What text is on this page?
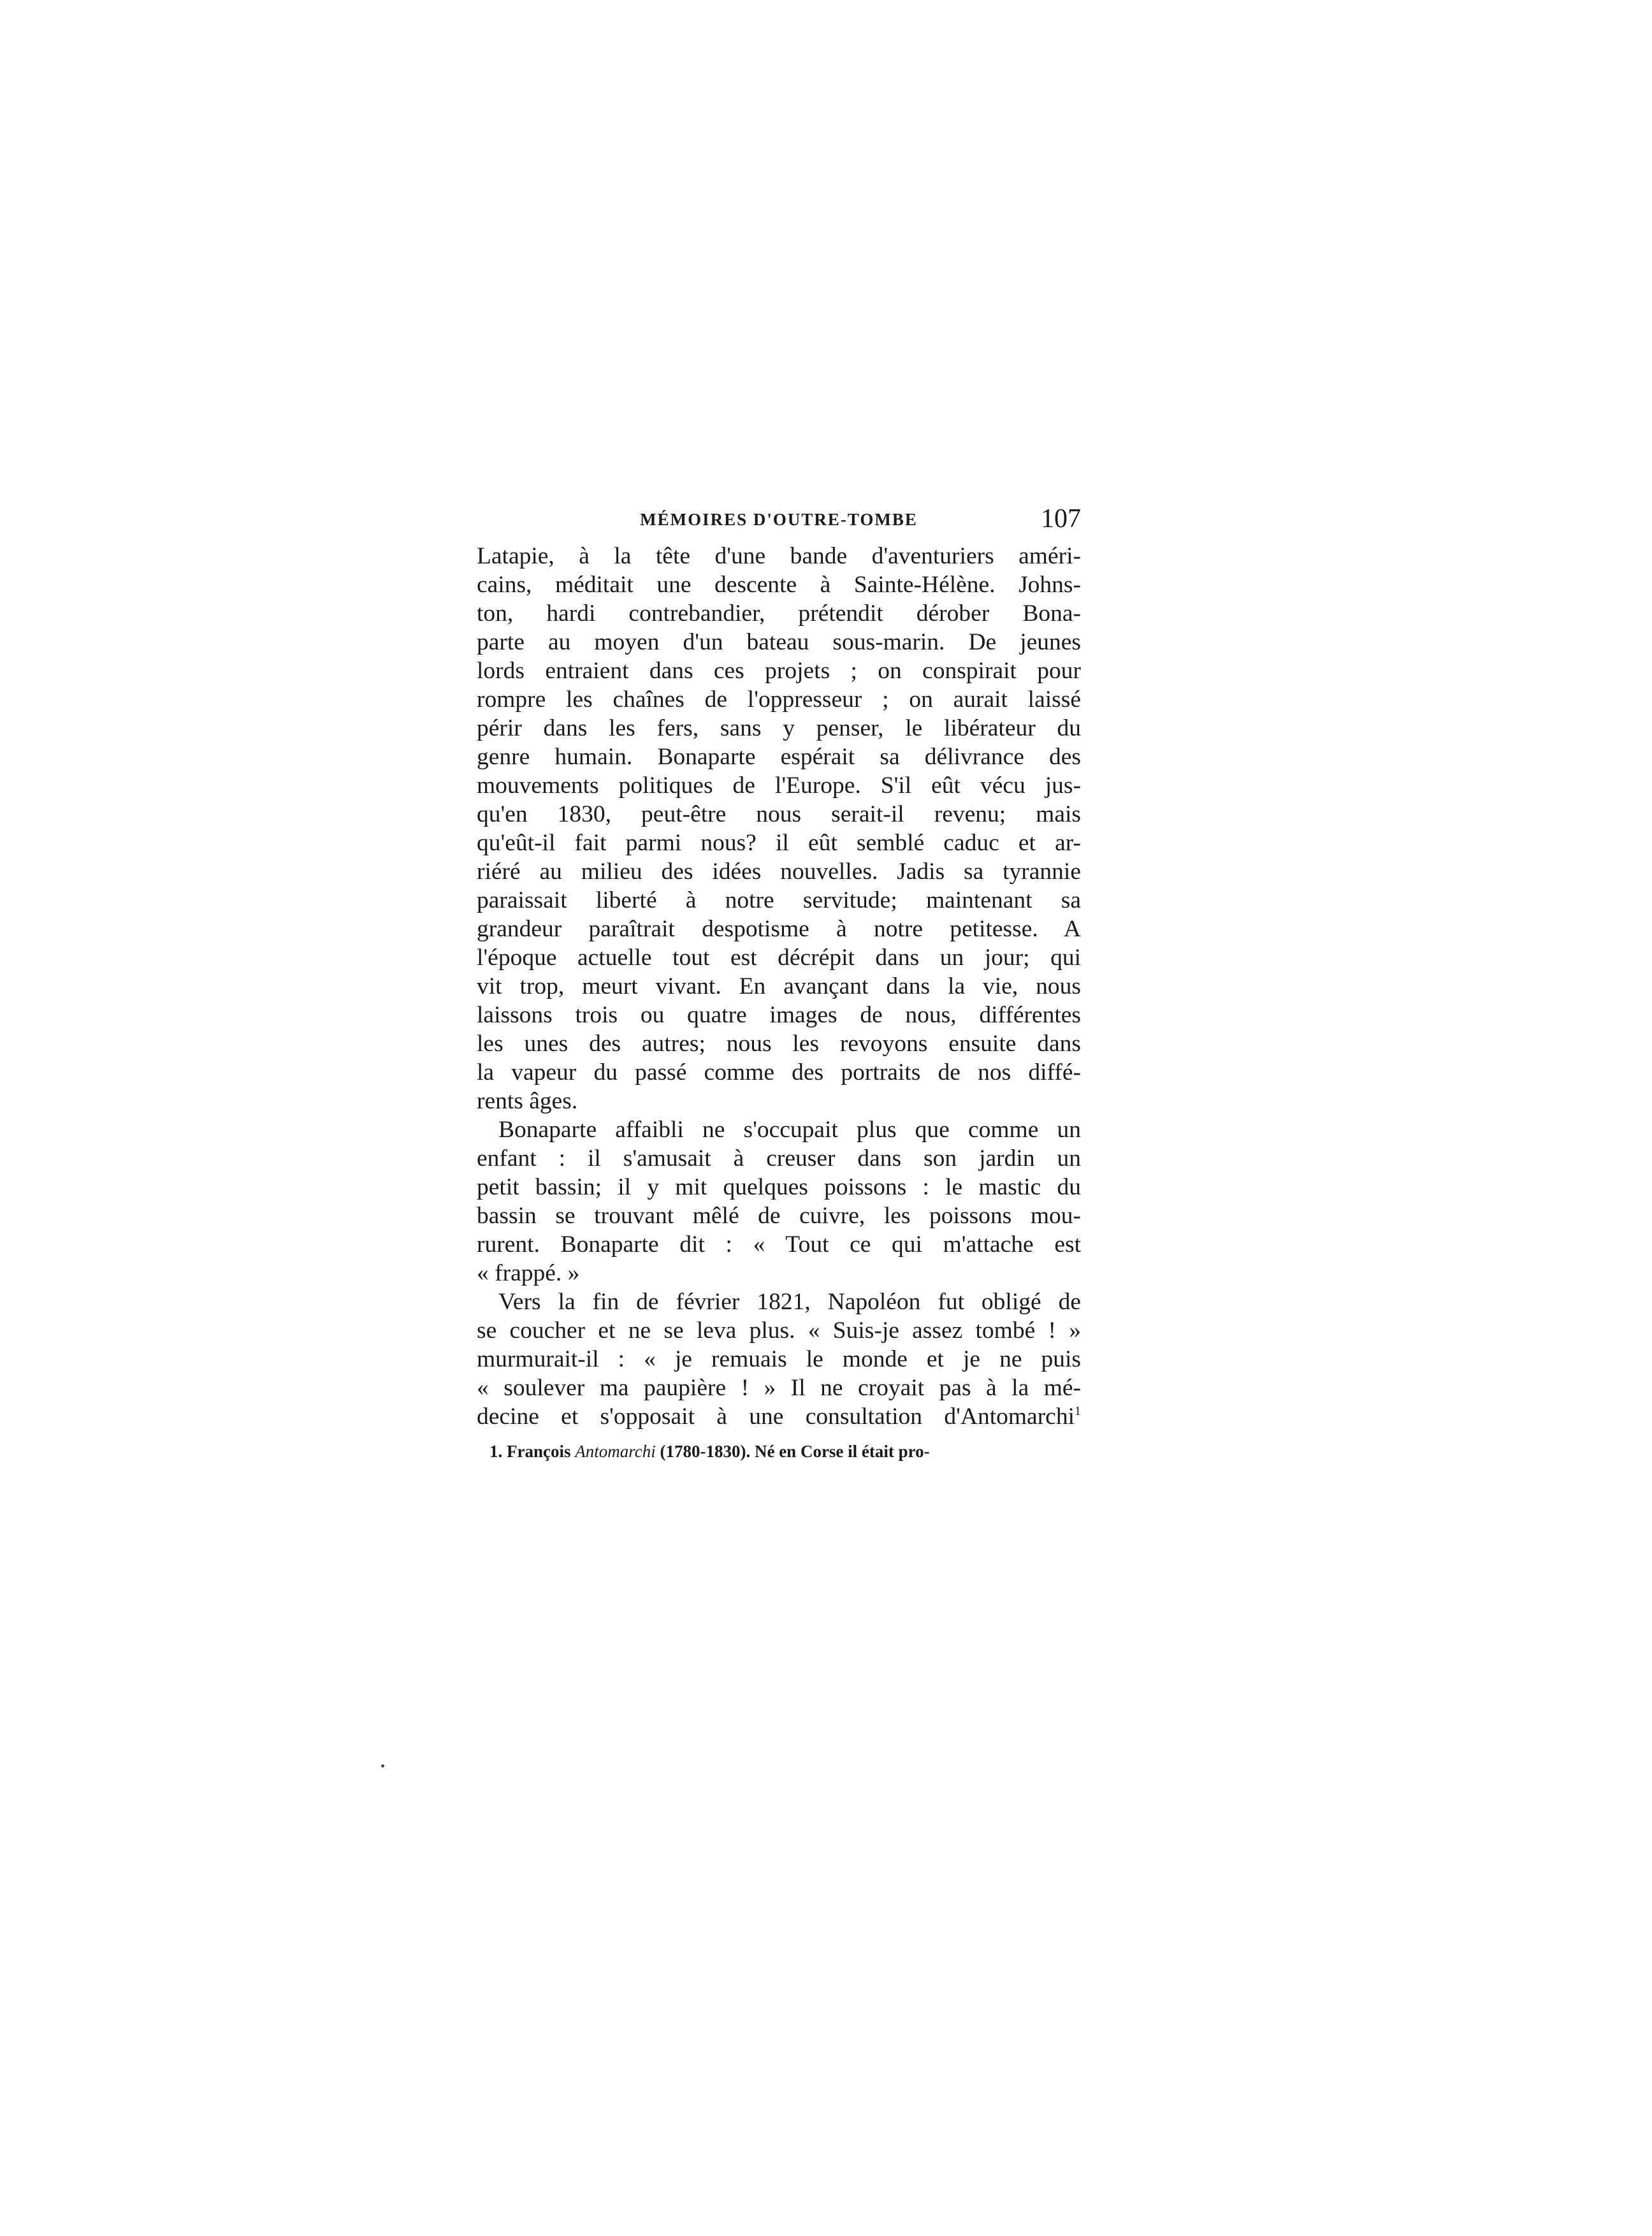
MÉMOIRES D'OUTRE-TOMBE	107
Latapie, à la tête d'une bande d'aventuriers améri-
cains, méditait une descente à Sainte-Hélène. Johns-
ton, hardi contrebandier, prétendit dérober Bona-
parte au moyen d'un bateau sous-marin. De jeunes
lords entraient dans ces projets ; on conspirait pour
rompre les chaînes de l'oppresseur ; on aurait laissé
périr dans les fers, sans y penser, le libérateur du
genre humain. Bonaparte espérait sa délivrance des
mouvements politiques de l'Europe. S'il eût vécu jus-
qu'en 1830, peut-être nous serait-il revenu; mais
qu'eût-il fait parmi nous? il eût semblé caduc et ar-
riéré au milieu des idées nouvelles. Jadis sa tyrannie
paraissait liberté à notre servitude; maintenant sa
grandeur paraîtrait despotisme à notre petitesse. A
l'époque actuelle tout est décrépit dans un jour; qui
vit trop, meurt vivant. En avançant dans la vie, nous
laissons trois ou quatre images de nous, différentes
les unes des autres; nous les revoyons ensuite dans
la vapeur du passé comme des portraits de nos diffé-
rents âges.
Bonaparte affaibli ne s'occupait plus que comme un
enfant : il s'amusait à creuser dans son jardin un
petit bassin; il y mit quelques poissons : le mastic du
bassin se trouvant mêlé de cuivre, les poissons mou-
rurent. Bonaparte dit : « Tout ce qui m'attache est
« frappé. »
Vers la fin de février 1821, Napoléon fut obligé de
se coucher et ne se leva plus. « Suis-je assez tombé ! »
murmurait-il : « je remuais le monde et je ne puis
« soulever ma paupière ! » Il ne croyait pas à la mé-
decine et s'opposait à une consultation d'Antomarchi$^1$
1. François Antomarchi (1780-1830). Né en Corse il était pro-
